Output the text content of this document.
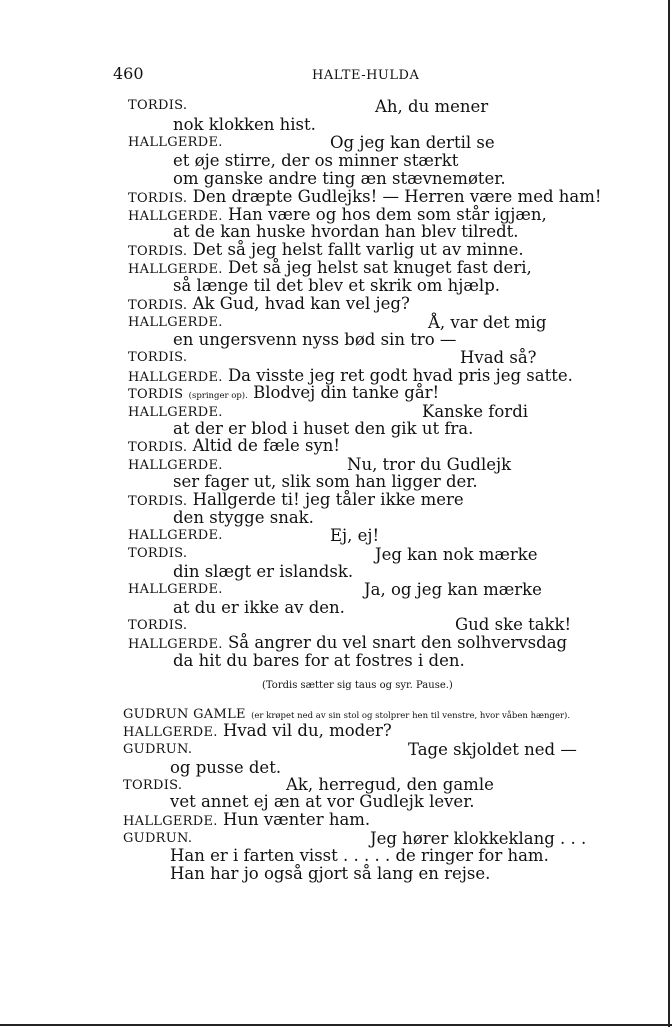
460	HALTE-HULDA
TORDIS.	Ah, du mener
nok klokken hist.
HALLGERDE.	Og jeg kan dertil se
et øje stirre, der os minner stærkt
om ganske andre ting æn stævnemøter.
TORDIS. Den dræpte Gudlejks! — Herren være med ham!
HALLGERDE. Han være og hos dem som står igjæn,
at de kan huske hvordan han blev tilredt.
TORDIS. Det så jeg helst fallt varlig ut av minne.
HALLGERDE. Det så jeg helst sat knuget fast deri,
så længe til det blev et skrik om hjælp.
TORDIS. Ak Gud, hvad kan vel jeg?
HALLGERDE.	Å, var det mig
en ungersvenn nyss bød sin tro —
TORDIS.	Hvad så?
HALLGERDE. Da visste jeg ret godt hvad pris jeg satte.
TORDIS (springer op). Blodvej din tanke går!
HALLGERDE.	Kanske fordi
at der er blod i huset den gik ut fra.
TORDIS. Altid de fæle syn!
HALLGERDE.	Nu, tror du Gudlejk
ser fager ut, slik som han ligger der.
TORDIS. Hallgerde ti! jeg tåler ikke mere
den stygge snak.
HALLGERDE.	Ej, ej!
TORDIS.	Jeg kan nok mærke
din slægt er islandsk.
HALLGERDE.	Ja, og jeg kan mærke
at du er ikke av den.
TORDIS.	Gud ske takk!
HALLGERDE. Så angrer du vel snart den solhvervsdag
da hit du bares for at fostres i den.
(Tordis sætter sig taus og syr. Pause.)
GUDRUN GAMLE (er krøpet ned av sin stol og stolprer hen til venstre, hvor våben hænger).
HALLGERDE. Hvad vil du, moder?
GUDRUN.	Tage skjoldet ned —
og pusse det.
TORDIS.	Ak, herregud, den gamle
vet annet ej æn at vor Gudlejk lever.
HALLGERDE. Hun vænter ham.
GUDRUN.	Jeg hører klokkeklang . . .
Han er i farten visst . . . . . de ringer for ham.
Han har jo også gjort så lang en rejse.
